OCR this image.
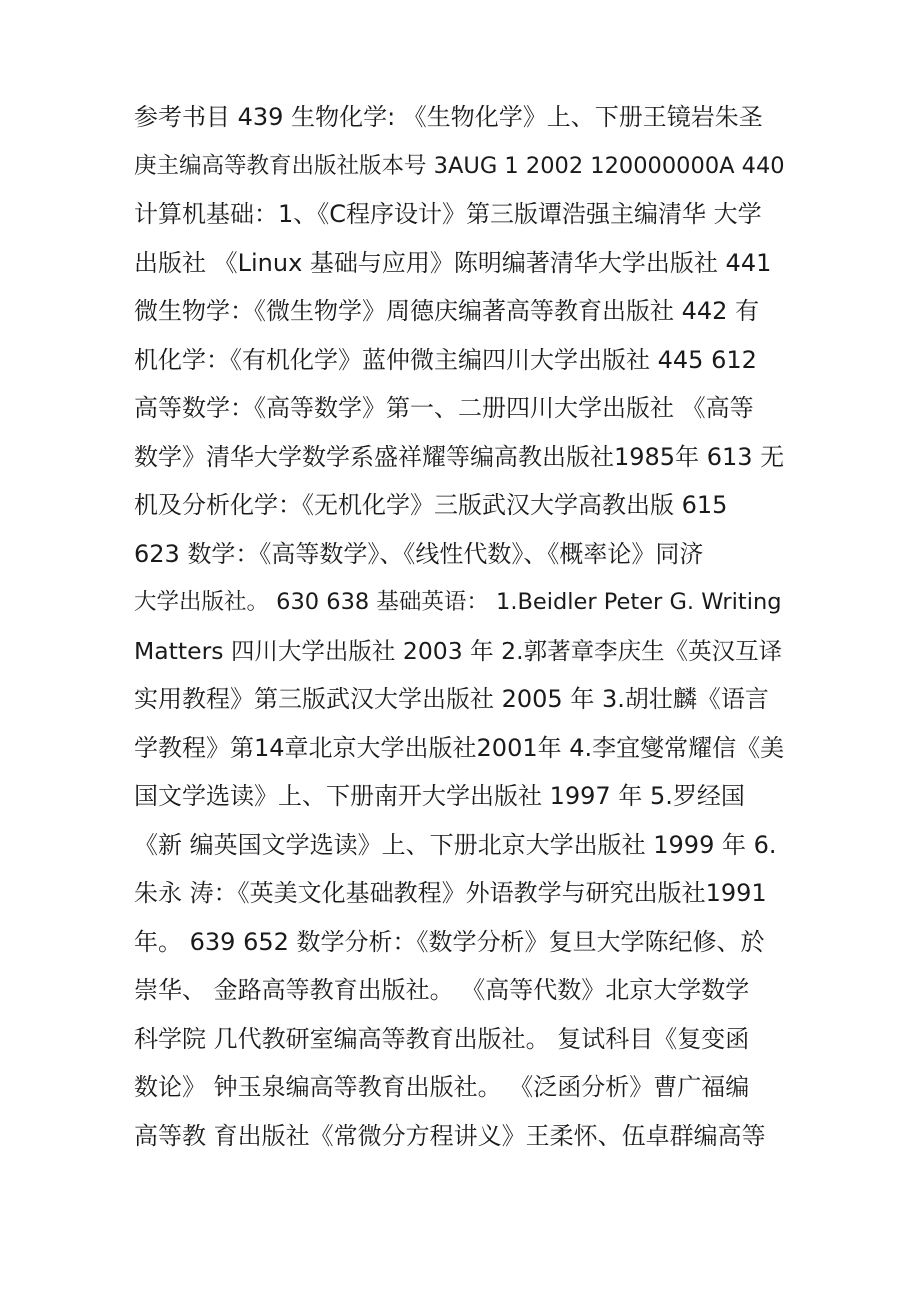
参考书目 439 生物化学: 《生物化学》上、下册王镜岩朱圣
庚主编高等教育出版社版本号 3AUG 1 2002 120000000A 440
计算机基础：1、《C程序设计》第三版谭浩强主编清华 大学
出版社 《Linux 基础与应用》陈明编著清华大学出版社 441
微生物学：《微生物学》周德庆编著高等教育出版社 442 有
机化学：《有机化学》蓝仲微主编四川大学出版社 445 612
高等数学：《高等数学》第一、二册四川大学出版社 《高等
数学》清华大学数学系盛祥耀等编高教出版社1985年 613 无
机及分析化学：《无机化学》三版武汉大学高教出版 615
623 数学：《高等数学》、《线性代数》、《概率论》同济
大学出版社。 630 638 基础英语： 1.Beidler Peter G. Writing
Matters 四川大学出版社 2003 年 2.郭著章李庆生《英汉互译
实用教程》第三版武汉大学出版社 2005 年 3.胡壮麟《语言
学教程》第14章北京大学出版社2001年 4.李宜燮常耀信《美
国文学选读》上、下册南开大学出版社 1997 年 5.罗经国
《新 编英国文学选读》上、下册北京大学出版社 1999 年 6.
朱永 涛：《英美文化基础教程》外语教学与研究出版社1991
年。 639 652 数学分析：《数学分析》复旦大学陈纪修、於
崇华、 金路高等教育出版社。 《高等代数》北京大学数学
科学院 几代教研室编高等教育出版社。 复试科目《复变函
数论》 钟玉泉编高等教育出版社。 《泛函分析》曹广福编
高等教 育出版社《常微分方程讲义》王柔怀、伍卓群编高等
